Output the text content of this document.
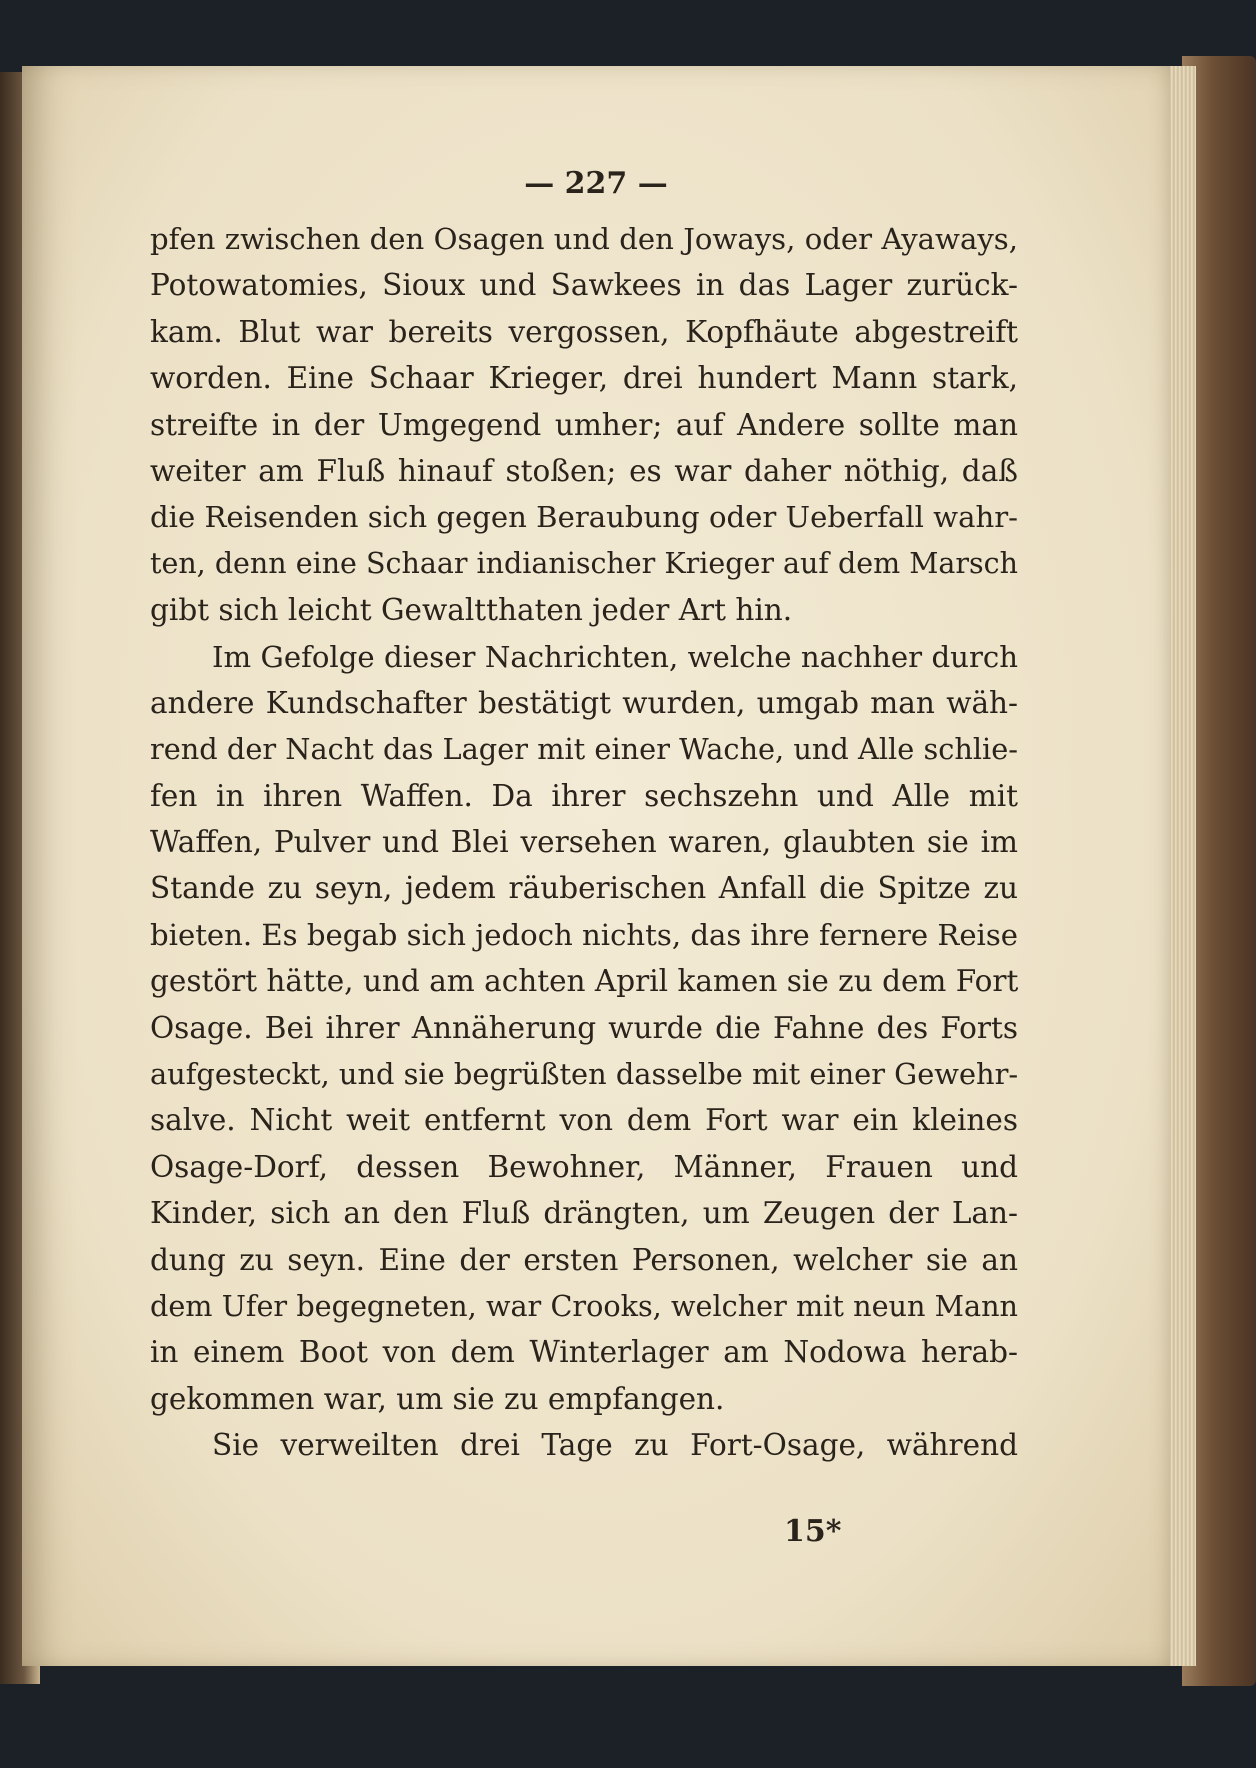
— 227 —
pfen zwischen den Osagen und den Joways, oder Ayaways,
Potowatomies, Sioux und Sawkees in das Lager zurück-
kam. Blut war bereits vergossen, Kopfhäute abgestreift
worden. Eine Schaar Krieger, drei hundert Mann stark,
streifte in der Umgegend umher; auf Andere sollte man
weiter am Fluß hinauf stoßen; es war daher nöthig, daß
die Reisenden sich gegen Beraubung oder Ueberfall wahr-
ten, denn eine Schaar indianischer Krieger auf dem Marsch
gibt sich leicht Gewaltthaten jeder Art hin.
Im Gefolge dieser Nachrichten, welche nachher durch
andere Kundschafter bestätigt wurden, umgab man wäh-
rend der Nacht das Lager mit einer Wache, und Alle schlie-
fen in ihren Waffen. Da ihrer sechszehn und Alle mit
Waffen, Pulver und Blei versehen waren, glaubten sie im
Stande zu seyn, jedem räuberischen Anfall die Spitze zu
bieten. Es begab sich jedoch nichts, das ihre fernere Reise
gestört hätte, und am achten April kamen sie zu dem Fort
Osage. Bei ihrer Annäherung wurde die Fahne des Forts
aufgesteckt, und sie begrüßten dasselbe mit einer Gewehr-
salve. Nicht weit entfernt von dem Fort war ein kleines
Osage-Dorf, dessen Bewohner, Männer, Frauen und
Kinder, sich an den Fluß drängten, um Zeugen der Lan-
dung zu seyn. Eine der ersten Personen, welcher sie an
dem Ufer begegneten, war Crooks, welcher mit neun Mann
in einem Boot von dem Winterlager am Nodowa herab-
gekommen war, um sie zu empfangen.
Sie verweilten drei Tage zu Fort-Osage, während
15*
